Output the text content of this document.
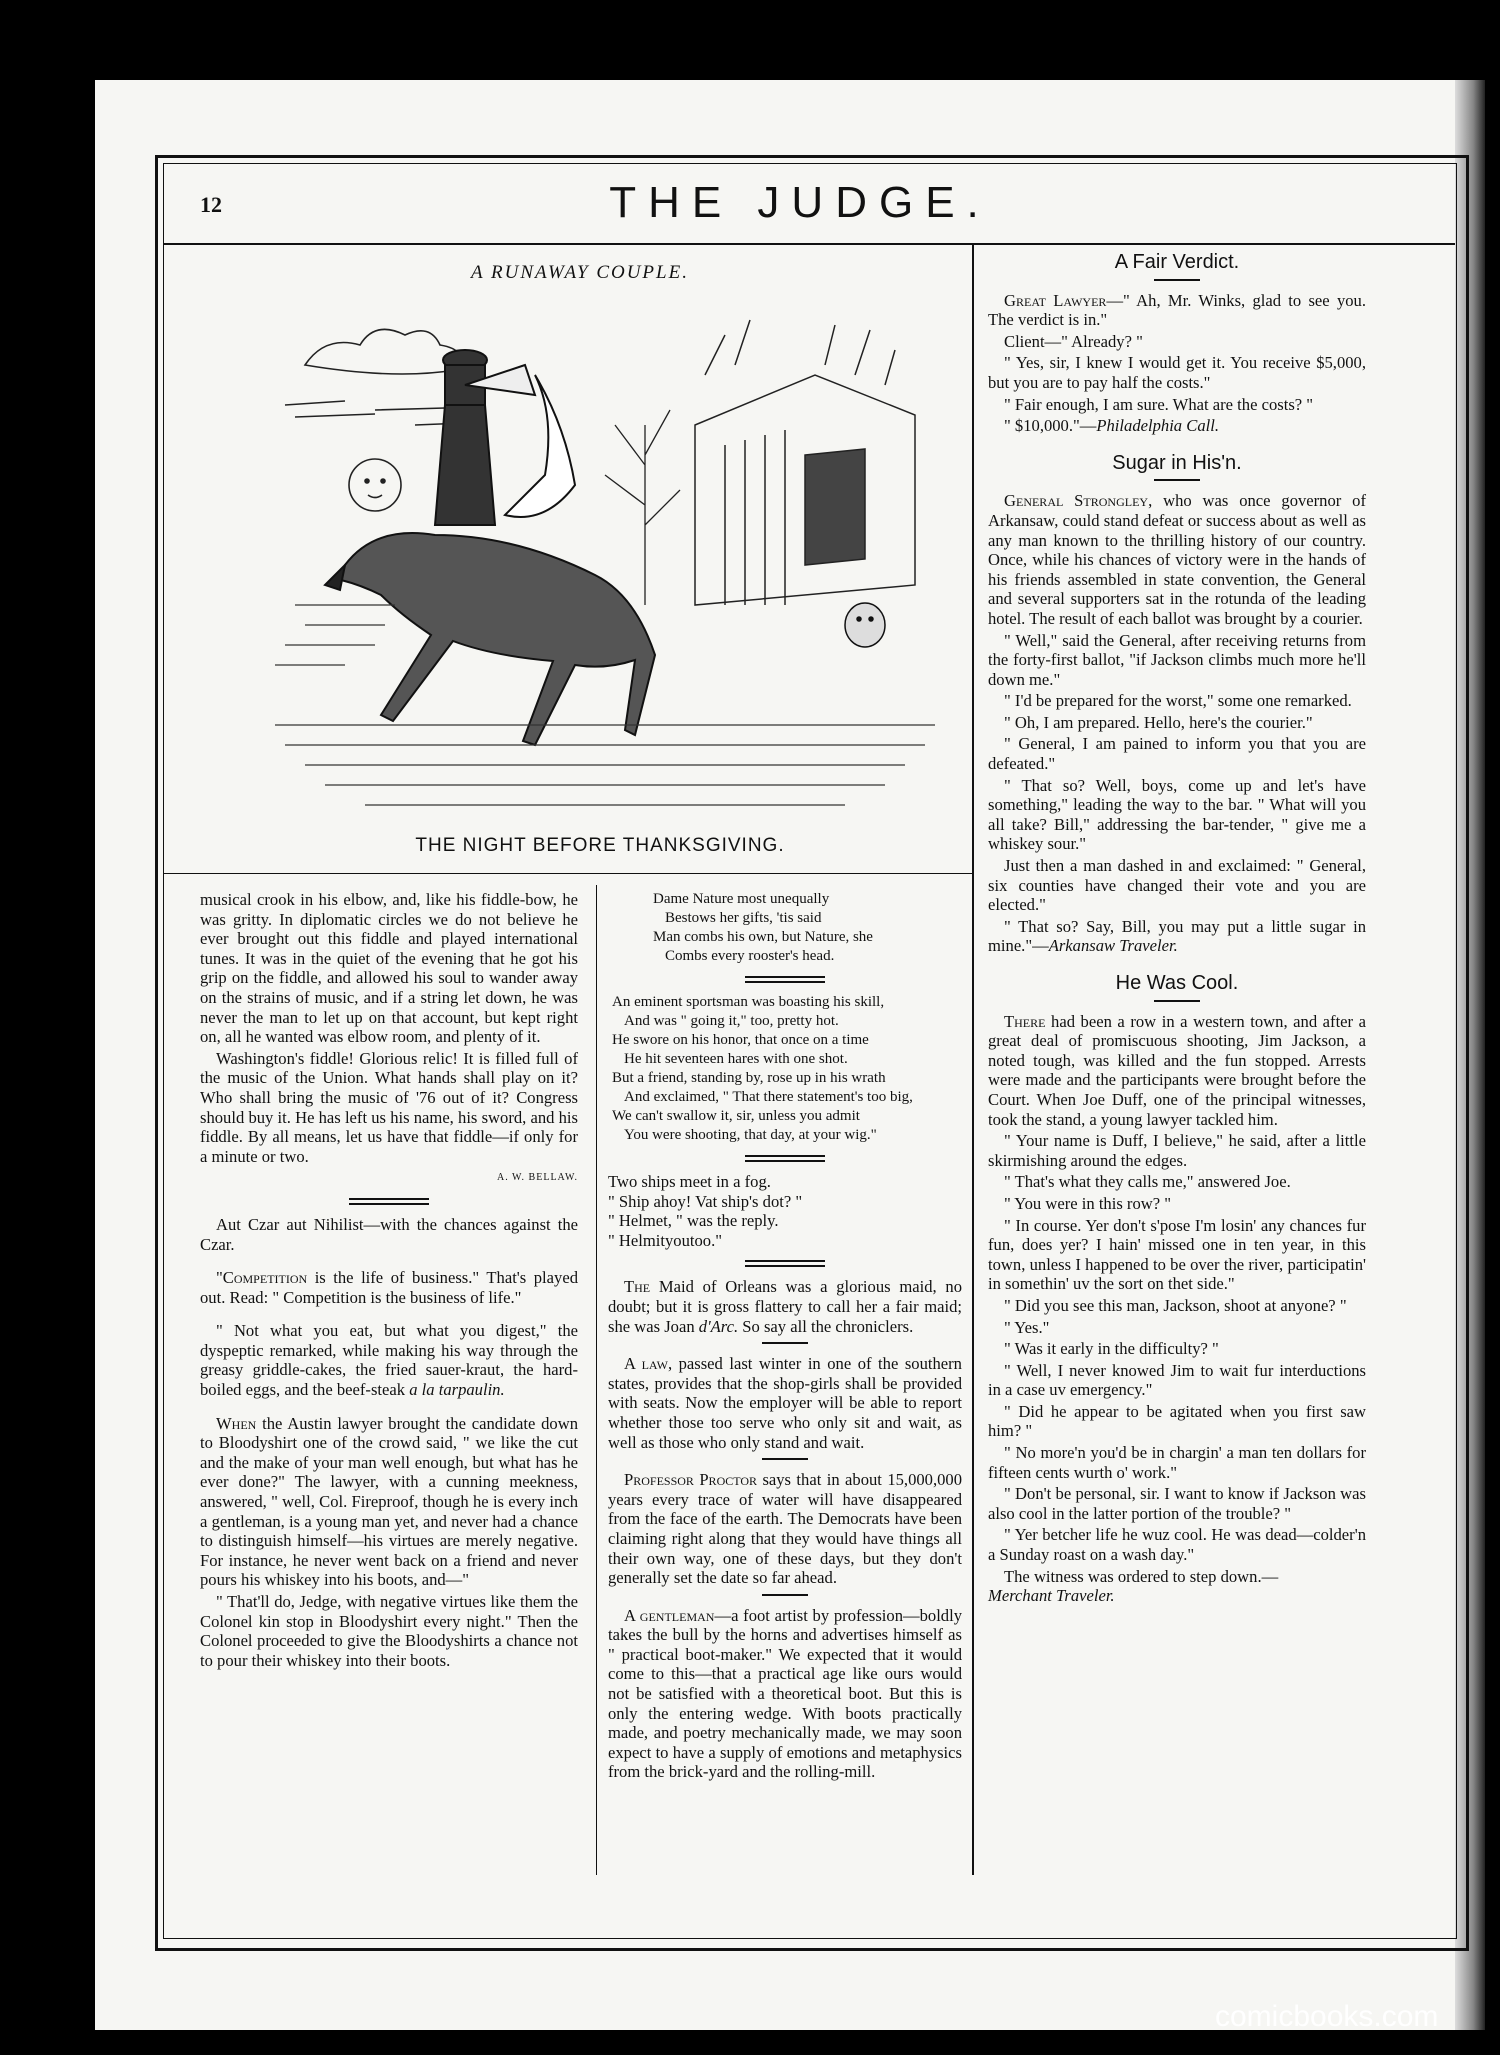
12	THE JUDGE.
A RUNAWAY COUPLE.
THE NIGHT BEFORE THANKSGIVING.

musical crook in his elbow, and, like his fiddle-bow, he was gritty. In diplomatic circles we do not believe he ever brought out this fiddle and played international tunes. It was in the quiet of the evening that he got his grip on the fiddle, and allowed his soul to wander away on the strains of music, and if a string let down, he was never the man to let up on that account, but kept right on, all he wanted was elbow room, and plenty of it.

Washington's fiddle! Glorious relic! It is filled full of the music of the Union. What hands shall play on it? Who shall bring the music of '76 out of it? Congress should buy it. He has left us his name, his sword, and his fiddle. By all means, let us have that fiddle—if only for a minute or two.

A. W. BELLAW.

Aut Czar aut Nihilist—with the chances against the Czar.

"Competition is the life of business." That's played out. Read: " Competition is the business of life."

" Not what you eat, but what you digest," the dyspeptic remarked, while making his way through the greasy griddle-cakes, the fried sauer-kraut, the hard-boiled eggs, and the beef-steak a la tarpaulin.

When the Austin lawyer brought the candidate down to Bloodyshirt one of the crowd said, " we like the cut and the make of your man well enough, but what has he ever done?" The lawyer, with a cunning meekness, answered, " well, Col. Fireproof, though he is every inch a gentleman, is a young man yet, and never had a chance to distinguish himself—his virtues are merely negative. For instance, he never went back on a friend and never pours his whiskey into his boots, and—"

" That'll do, Jedge, with negative virtues like them the Colonel kin stop in Bloodyshirt every night." Then the Colonel proceeded to give the Bloodyshirts a chance not to pour their whiskey into their boots.

Dame Nature most unequally
Bestows her gifts, 'tis said
Man combs his own, but Nature, she
Combs every rooster's head.
An eminent sportsman was boasting his skill,
And was " going it," too, pretty hot.
He swore on his honor, that once on a time
He hit seventeen hares with one shot.
But a friend, standing by, rose up in his wrath
And exclaimed, " That there statement's too big,
We can't swallow it, sir, unless you admit
You were shooting, that day, at your wig."
Two ships meet in a fog.
" Ship ahoy! Vat ship's dot? "
" Helmet, " was the reply.
" Helmityoutoo."

The Maid of Orleans was a glorious maid, no doubt; but it is gross flattery to call her a fair maid; she was Joan d'Arc. So say all the chroniclers.

A law, passed last winter in one of the southern states, provides that the shop-girls shall be provided with seats. Now the employer will be able to report whether those too serve who only sit and wait, as well as those who only stand and wait.

Professor Proctor says that in about 15,000,000 years every trace of water will have disappeared from the face of the earth. The Democrats have been claiming right along that they would have things all their own way, one of these days, but they don't generally set the date so far ahead.

A gentleman—a foot artist by profession—boldly takes the bull by the horns and advertises himself as " practical boot-maker." We expected that it would come to this—that a practical age like ours would not be satisfied with a theoretical boot. But this is only the entering wedge. With boots practically made, and poetry mechanically made, we may soon expect to have a supply of emotions and metaphysics from the brick-yard and the rolling-mill.

A Fair Verdict.

Great Lawyer—" Ah, Mr. Winks, glad to see you. The verdict is in."

Client—" Already? "

" Yes, sir, I knew I would get it. You receive $5,000, but you are to pay half the costs."

" Fair enough, I am sure. What are the costs? "

" $10,000."—Philadelphia Call.

Sugar in His'n.

General Strongley, who was once governor of Arkansaw, could stand defeat or success about as well as any man known to the thrilling history of our country. Once, while his chances of victory were in the hands of his friends assembled in state convention, the General and several supporters sat in the rotunda of the leading hotel. The result of each ballot was brought by a courier.

" Well," said the General, after receiving returns from the forty-first ballot, "if Jackson climbs much more he'll down me."

" I'd be prepared for the worst," some one remarked.

" Oh, I am prepared. Hello, here's the courier."

" General, I am pained to inform you that you are defeated."

" That so? Well, boys, come up and let's have something," leading the way to the bar. " What will you all take? Bill," addressing the bar-tender, " give me a whiskey sour."

Just then a man dashed in and exclaimed: " General, six counties have changed their vote and you are elected."

" That so? Say, Bill, you may put a little sugar in mine."—Arkansaw Traveler.

He Was Cool.

There had been a row in a western town, and after a great deal of promiscuous shooting, Jim Jackson, a noted tough, was killed and the fun stopped. Arrests were made and the participants were brought before the Court. When Joe Duff, one of the principal witnesses, took the stand, a young lawyer tackled him.

" Your name is Duff, I believe," he said, after a little skirmishing around the edges.

" That's what they calls me," answered Joe.

" You were in this row? "

" In course. Yer don't s'pose I'm losin' any chances fur fun, does yer? I hain' missed one in ten year, in this town, unless I happened to be over the river, participatin' in somethin' uv the sort on thet side."

" Did you see this man, Jackson, shoot at anyone? "

" Yes."

" Was it early in the difficulty? "

" Well, I never knowed Jim to wait fur interductions in a case uv emergency."

" Did he appear to be agitated when you first saw him? "

" No more'n you'd be in chargin' a man ten dollars for fifteen cents wurth o' work."

" Don't be personal, sir. I want to know if Jackson was also cool in the latter portion of the trouble? "

" Yer betcher life he wuz cool. He was dead—colder'n a Sunday roast on a wash day."

The witness was ordered to step down.—
Merchant Traveler.

comicbooks.com
